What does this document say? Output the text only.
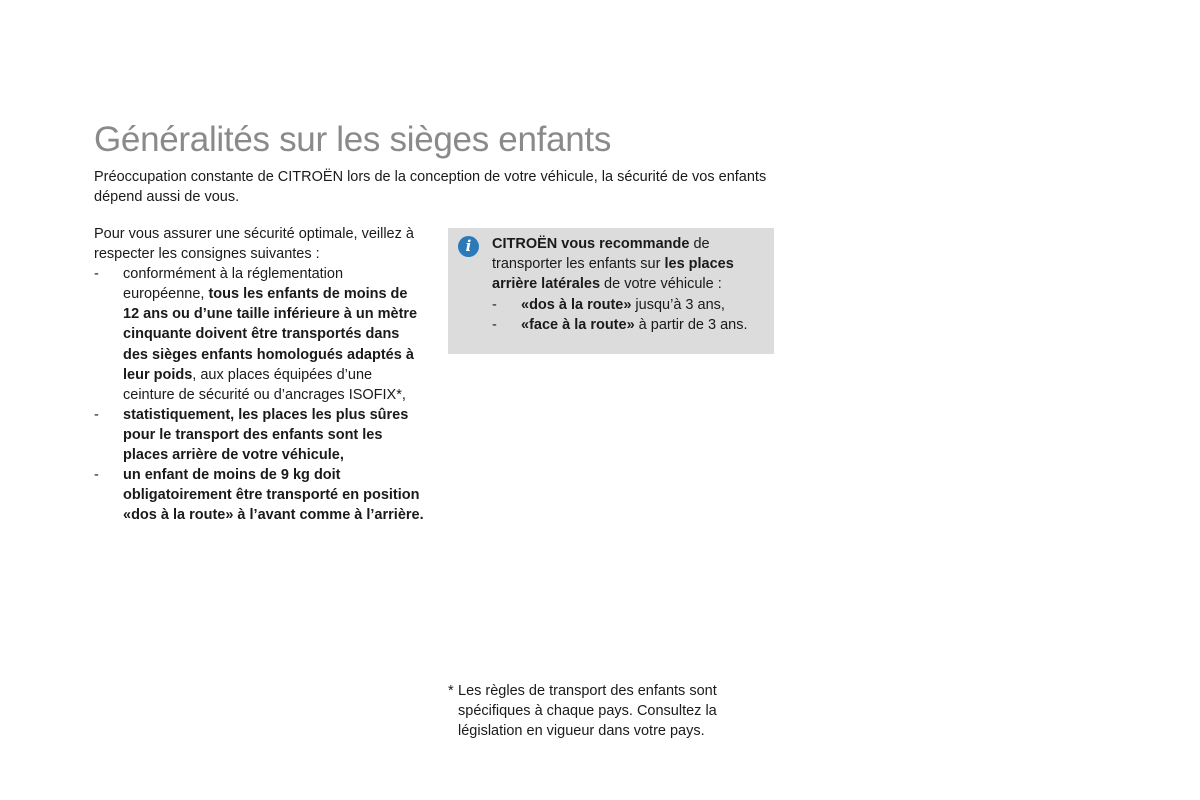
Généralités sur les sièges enfants

Préoccupation constante de CITROËN lors de la conception de votre véhicule, la sécurité de vos enfants dépend aussi de vous.

Pour vous assurer une sécurité optimale, veillez à respecter les consignes suivantes :

- conformément à la réglementation européenne, tous les enfants de moins de 12 ans ou d’une taille inférieure à un mètre cinquante doivent être transportés dans des sièges enfants homologués adaptés à leur poids, aux places équipées d’une ceinture de sécurité ou d’ancrages ISOFIX*,
- statistiquement, les places les plus sûres pour le transport des enfants sont les places arrière de votre véhicule,
- un enfant de moins de 9 kg doit obligatoirement être transporté en position «dos à la route» à l’avant comme à l’arrière.
i	CITROËN vous recommande de transporter les enfants sur les places arrière latérales de votre véhicule :

- «dos à la route» jusqu’à 3 ans,
- «face à la route» à partir de 3 ans.

* Les règles de transport des enfants sont spécifiques à chaque pays. Consultez la législation en vigueur dans votre pays.
